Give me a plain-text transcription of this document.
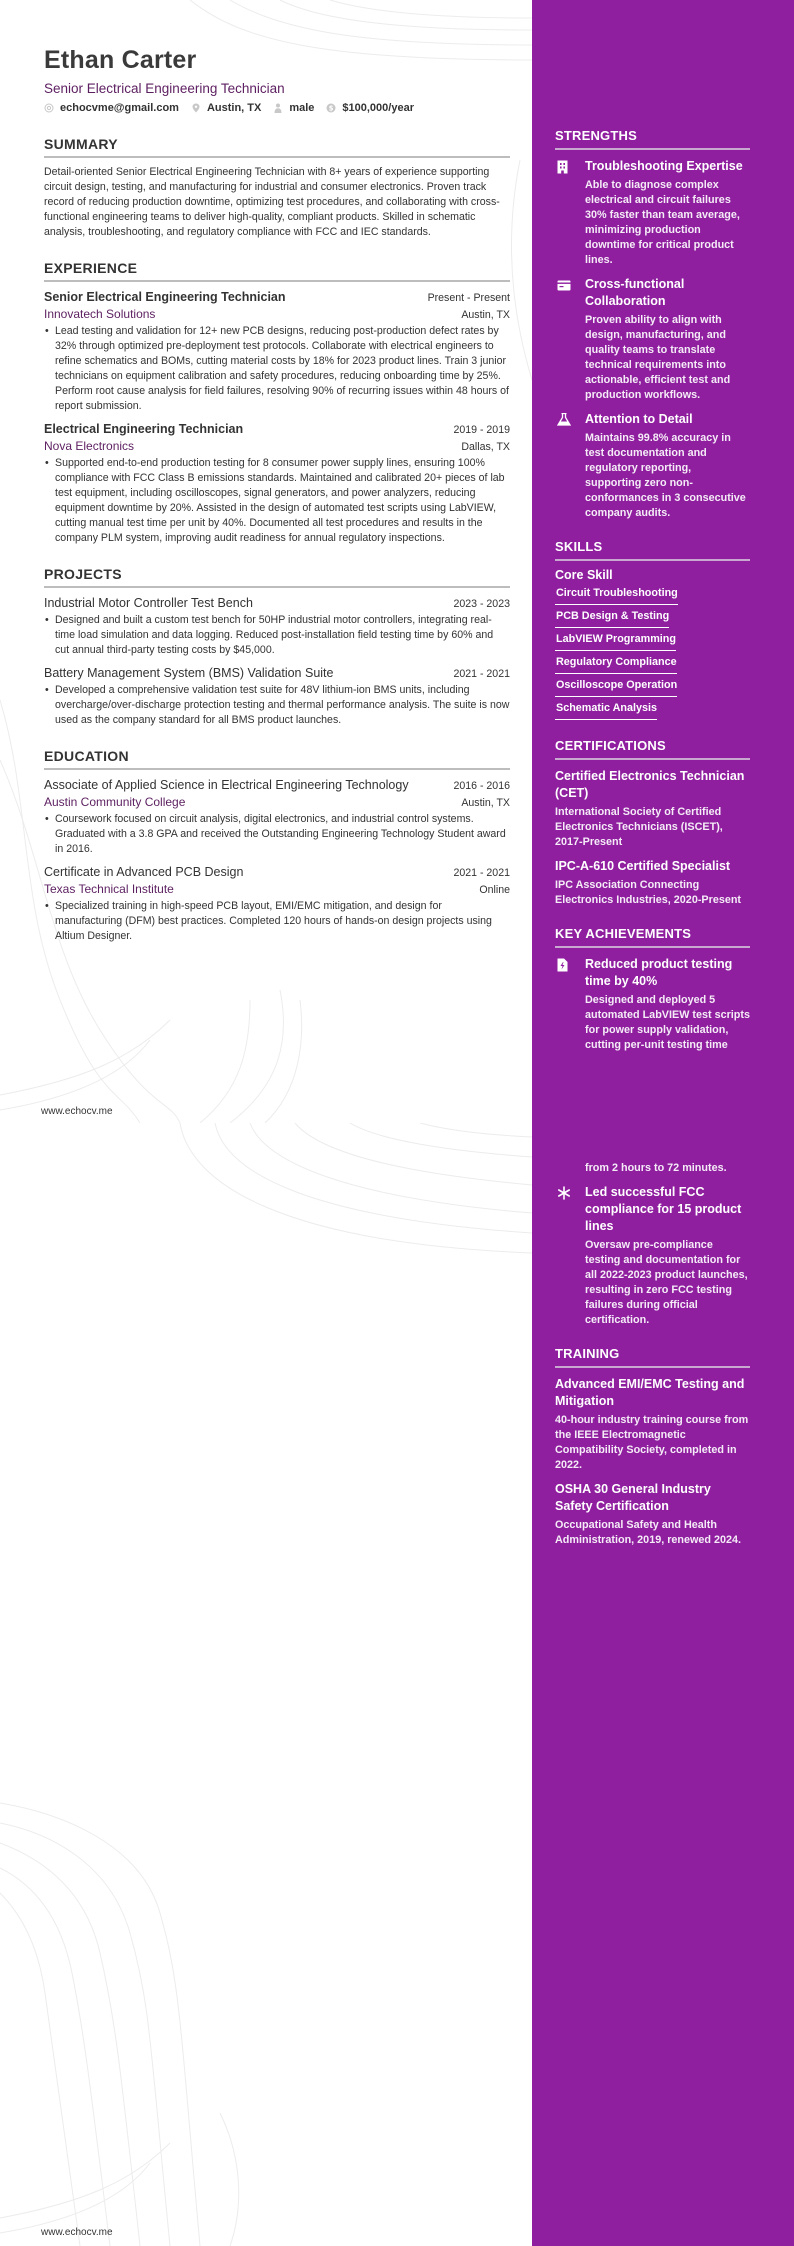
Ethan Carter
Senior Electrical Engineering Technician
echocvme@gmail.com	Austin, TX	male $ $100,000/year
SUMMARY

Detail-oriented Senior Electrical Engineering Technician with 8+ years of experience supporting circuit design, testing, and manufacturing for industrial and consumer electronics. Proven track record of reducing production downtime, optimizing test procedures, and collaborating with cross-functional engineering teams to deliver high-quality, compliant products. Skilled in schematic analysis, troubleshooting, and regulatory compliance with FCC and IEC standards.

EXPERIENCE
Senior Electrical Engineering Technician	Present - Present
Innovatech Solutions	Austin, TX
• Lead testing and validation for 12+ new PCB designs, reducing post-production defect rates by 32% through optimized pre-deployment test protocols. Collaborate with electrical engineers to refine schematics and BOMs, cutting material costs by 18% for 2023 product lines. Train 3 junior technicians on equipment calibration and safety procedures, reducing onboarding time by 25%. Perform root cause analysis for field failures, resolving 90% of recurring issues within 48 hours of report submission.
Electrical Engineering Technician	2019 - 2019
Nova Electronics	Dallas, TX
• Supported end-to-end production testing for 8 consumer power supply lines, ensuring 100% compliance with FCC Class B emissions standards. Maintained and calibrated 20+ pieces of lab test equipment, including oscilloscopes, signal generators, and power analyzers, reducing equipment downtime by 20%. Assisted in the design of automated test scripts using LabVIEW, cutting manual test time per unit by 40%. Documented all test procedures and results in the company PLM system, improving audit readiness for annual regulatory inspections.
PROJECTS
Industrial Motor Controller Test Bench	2023 - 2023
• Designed and built a custom test bench for 50HP industrial motor controllers, integrating real-time load simulation and data logging. Reduced post-installation field testing time by 60% and cut annual third-party testing costs by $45,000.
Battery Management System (BMS) Validation Suite	2021 - 2021
• Developed a comprehensive validation test suite for 48V lithium-ion BMS units, including overcharge/over-discharge protection testing and thermal performance analysis. The suite is now used as the company standard for all BMS product launches.
EDUCATION
Associate of Applied Science in Electrical Engineering Technology	2016 - 2016
Austin Community College	Austin, TX
• Coursework focused on circuit analysis, digital electronics, and industrial control systems. Graduated with a 3.8 GPA and received the Outstanding Engineering Technology Student award in 2016.
Certificate in Advanced PCB Design	2021 - 2021
Texas Technical Institute	Online
• Specialized training in high-speed PCB layout, EMI/EMC mitigation, and design for manufacturing (DFM) best practices. Completed 120 hours of hands-on design projects using Altium Designer.
www.echocv.me
STRENGTHS
Troubleshooting Expertise
Able to diagnose complex electrical and circuit failures 30% faster than team average, minimizing production downtime for critical product lines.
Cross-functional Collaboration
Proven ability to align with design, manufacturing, and quality teams to translate technical requirements into actionable, efficient test and production workflows.
Attention to Detail
Maintains 99.8% accuracy in test documentation and regulatory reporting, supporting zero non-conformances in 3 consecutive company audits.
SKILLS
Core Skill
Circuit Troubleshooting
PCB Design & Testing
LabVIEW Programming
Regulatory Compliance
Oscilloscope Operation
Schematic Analysis
CERTIFICATIONS
Certified Electronics Technician (CET)
International Society of Certified Electronics Technicians (ISCET), 2017-Present
IPC-A-610 Certified Specialist
IPC Association Connecting Electronics Industries, 2020-Present
KEY ACHIEVEMENTS
Reduced product testing time by 40%
Designed and deployed 5 automated LabVIEW test scripts for power supply validation, cutting per-unit testing time
from 2 hours to 72 minutes.
Led successful FCC compliance for 15 product lines
Oversaw pre-compliance testing and documentation for all 2022-2023 product launches, resulting in zero FCC testing failures during official certification.
TRAINING
Advanced EMI/EMC Testing and Mitigation
40-hour industry training course from the IEEE Electromagnetic Compatibility Society, completed in 2022.
OSHA 30 General Industry Safety Certification
Occupational Safety and Health Administration, 2019, renewed 2024.
www.echocv.me
